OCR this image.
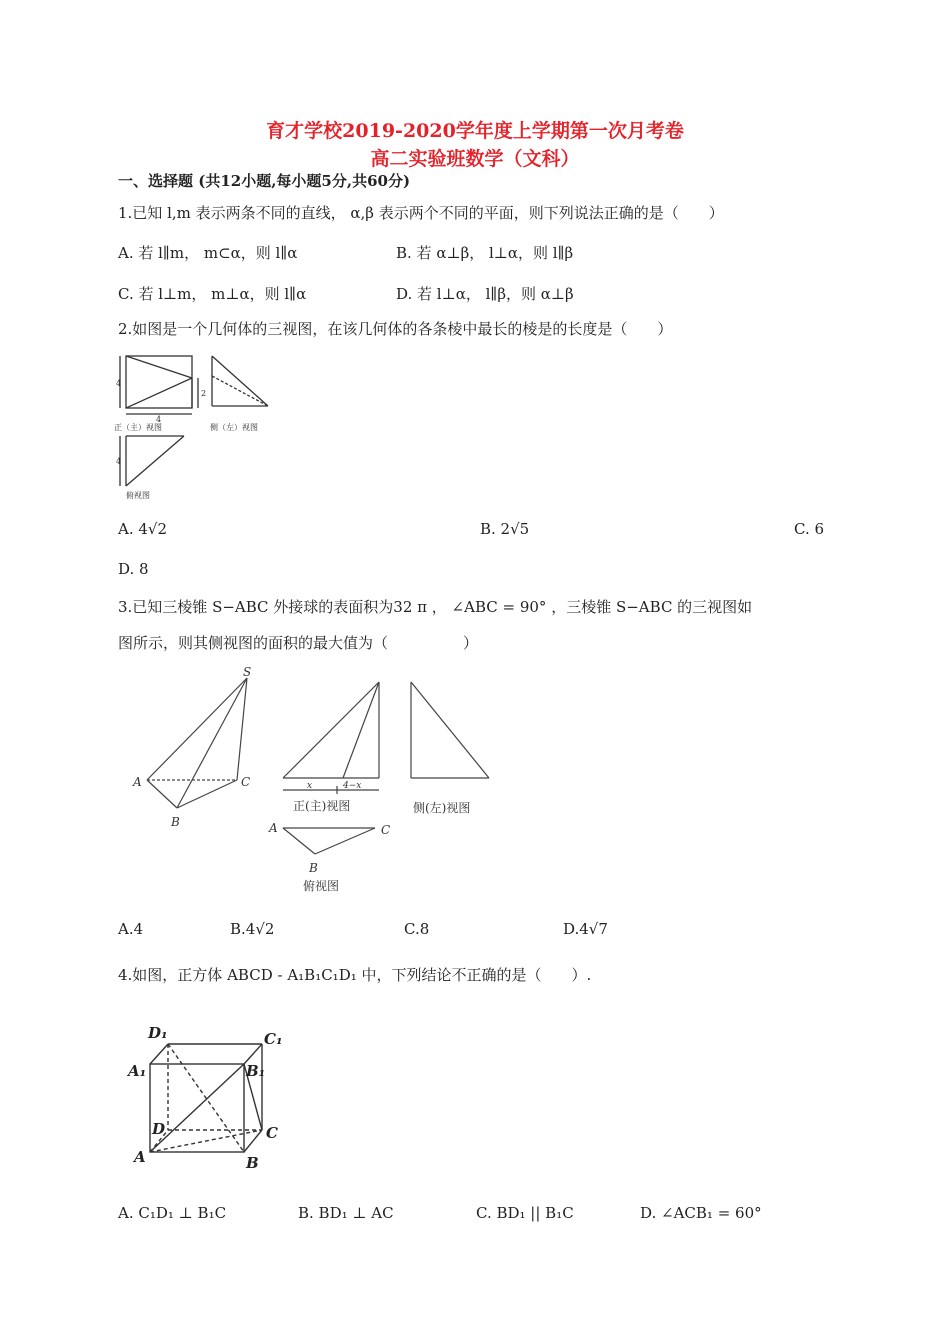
育才学校2019-2020学年度上学期第一次月考卷
高二实验班数学（文科）
一、选择题 (共12小题,每小题5分,共60分)
1.已知 l,m 表示两条不同的直线， α,β 表示两个不同的平面，则下列说法正确的是（　　）
A. 若 l∥m， m⊂α，则 l∥α	B. 若 α⊥β， l⊥α，则 l∥β
C. 若 l⊥m， m⊥α，则 l∥α	D. 若 l⊥α， l∥β，则 α⊥β
2.如图是一个几何体的三视图，在该几何体的各条棱中最长的棱是的长度是（　　）
4
2
4
正（主）视图	侧（左）视图
4
俯视图
A. 4√2	B. 2√5	C. 6
D. 8
3.已知三棱锥 S−ABC 外接球的表面积为32 π ， ∠ABC = 90° ，三棱锥 S−ABC 的三视图如
图所示，则其侧视图的面积的最大值为（　　　　　）
S
A
B
C	x	4−x
正(主)视图	侧(左)视图
A	C
B
俯视图
A.4	B.4√2	C.8	D.4√7
4.如图，正方体 ABCD - A₁B₁C₁D₁ 中，下列结论不正确的是（　　）.
D₁	C₁
A₁	B₁
D	C
A	B
A. C₁D₁ ⊥ B₁C	B. BD₁ ⊥ AC	C. BD₁ || B₁C	D. ∠ACB₁ = 60°
